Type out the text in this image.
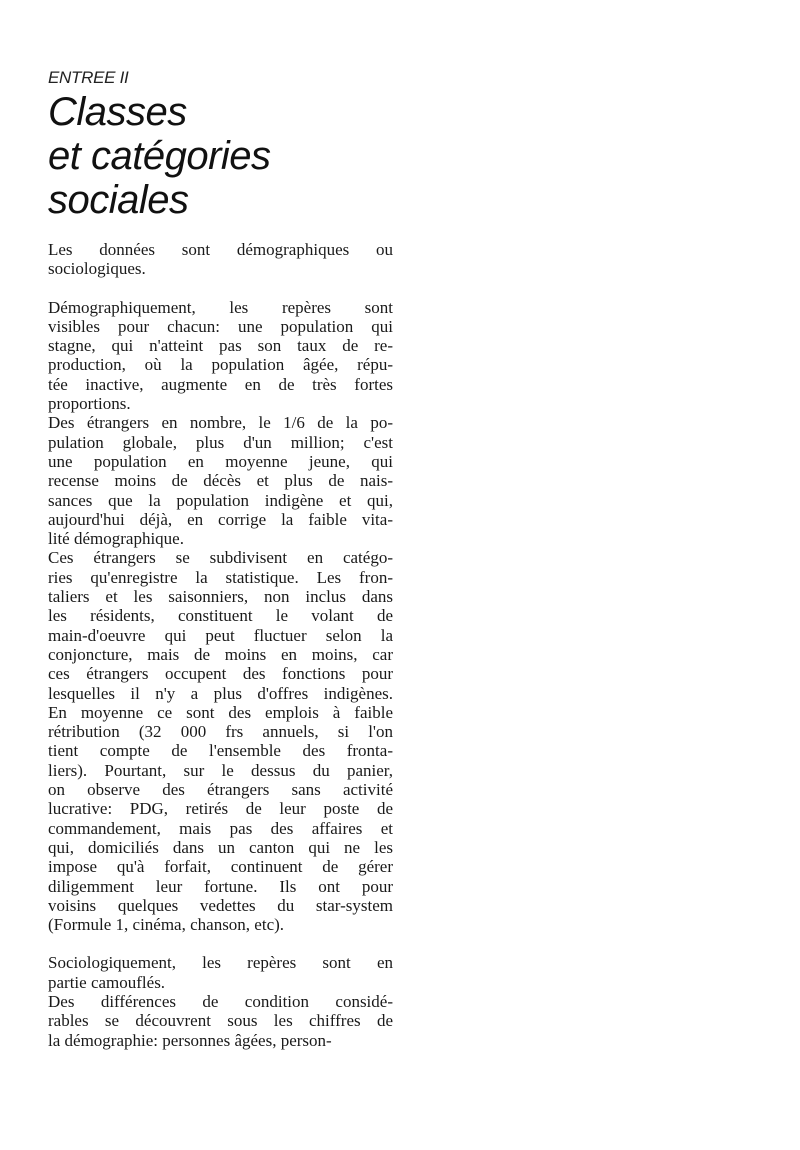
ENTREE II
Classes
et catégories
sociales
Les données sont démographiques ou
sociologiques.
Démographiquement, les repères sont
visibles pour chacun: une population qui
stagne, qui n'atteint pas son taux de re-
production, où la population âgée, répu-
tée inactive, augmente en de très fortes
proportions.
Des étrangers en nombre, le 1/6 de la po-
pulation globale, plus d'un million; c'est
une population en moyenne jeune, qui
recense moins de décès et plus de nais-
sances que la population indigène et qui,
aujourd'hui déjà, en corrige la faible vita-
lité démographique.
Ces étrangers se subdivisent en catégo-
ries qu'enregistre la statistique. Les fron-
taliers et les saisonniers, non inclus dans
les résidents, constituent le volant de
main-d'oeuvre qui peut fluctuer selon la
conjoncture, mais de moins en moins, car
ces étrangers occupent des fonctions pour
lesquelles il n'y a plus d'offres indigènes.
En moyenne ce sont des emplois à faible
rétribution (32 000 frs annuels, si l'on
tient compte de l'ensemble des fronta-
liers). Pourtant, sur le dessus du panier,
on observe des étrangers sans activité
lucrative: PDG, retirés de leur poste de
commandement, mais pas des affaires et
qui, domiciliés dans un canton qui ne les
impose qu'à forfait, continuent de gérer
diligemment leur fortune. Ils ont pour
voisins quelques vedettes du star-system
(Formule 1, cinéma, chanson, etc).
Sociologiquement, les repères sont en
partie camouflés.
Des différences de condition considé-
rables se découvrent sous les chiffres de
la démographie: personnes âgées, person-
